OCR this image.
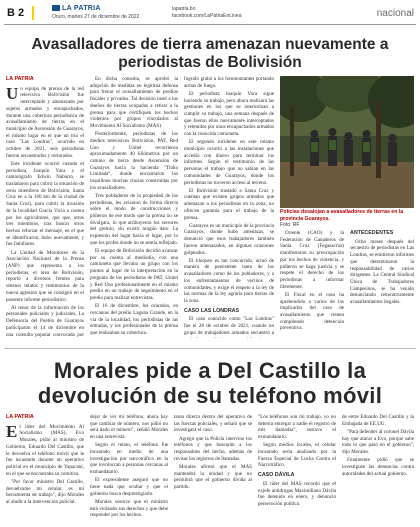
B 2	LA PATRIA
Oruro, martes 27 de diciembre de 2022
lapatria.bo
facebook.com/LaPatriaEnLinea	nacional
Avasalladores de tierra amenazan nuevamente a periodistas de Bolivisión
LA PATRIA

Un equipo de prensa de la red televisiva Bolivisión fue interceptado y amenazado por sujetos armados y encapuchados, durante una cobertura periodística de avasallamiento de tierras en el municipio de Ascensión de Guarayos, el mismo lugar en el que un trío el caso "Las Londras", ocurrido en octubre de 2021, seis periodistas fueron secuestrados y torturados.

Este incidente ocurrió cuando el periodista, Joaquín Vaca y el camarógrafo Edwin Nabarro, se trasladaron para cubrir la situación de otros miembros de Bolivisión, Santa Cruz en a la 100 km de la ciudad de Santa Cruz), para cubrir la invasión de la localidad Gracia Vicia a cuenta por los agricultores, que que, otros tres miembros, tras buscar otros hechos reforzar el mensaje, en el que se identificaron, hubo nuevamente, y fue familiares.

La Unidad de Monitoreo de la Asociación Nacional de la Prensa (ANP) que representa a los periodistas, el área de Bolivisión, reportó a diversos frentes para obtener relatos y testimonios de la nueva agresión que se consignó en el presente informe periodístico.

Al tenor de la información de los personales policiales y judiciales, La Defensoría del Pueblo de Guarayos participaron el 14 de diciembre en una consulta popular convocada por

En dicha consulta, se aprobó la adopción de medidas en legítima defensa para frenar el avasallamiento de predios fiscales y privados. Tal decisión instó a los dueños de tierras ocupadas a retirar a la prensa para que certifiquen los hechos violentos por grupos vinculados al Movimiento Al Socialismo (MAS).

Posteriormente, periodistas de los medios televisivos Bolivisión, PAT, Red Uno y Unitel recorrieron aproximadamente 40 kilómetros por un camino de tierra desde Ascensión de Guarayos hacia la hacienda "Tinku Limitada", donde encontraron los inquilinos muchas chozas construidas por los avasalladores.

Tres pobladores de la propiedad de los periodistas, les avisaron de forma directa sobre el modo de construcciones y pidieron de ese modo que la prensa no se divulgara, lo que atribuyeron los sectores del gremio, sin existir ningún dato. La expresión del lugar hacia el lugar, por lo que los profes donde no se sentía reflejado.

El equipo de Bolivisión decidió avanzar por su cuenta al mediodía, con una camioneta que llevaba un grupo con los puntos al lugar de la interpretación en la pregunta de los periodistas de PAT, Unitel y Red Uno profesionalmente en el mismo predio en un trabajo de seguimiento en el predio para realizar entrevistas.

El 16 de diciembre, los oriundos, en cercanías del predio Laguna Grande, en la vía de la localidad, los periodistas de las entradas, y los profesionales de la prensa que realizaban su cobertura.

fografo grabó a los fotomontantes portando armas de fuego.

El periodista Joaquín Vaca sigue haciendo su trabajo, pero ahora realizará las gestiones en los que se interiorizan a cumplir su trabajo, una semana después de que fueron ellos nuevamente interceptados y retenidos por unos encapuchados armados con la conocida camioneta.

El segundo incidente en este mismo municipio ocurrió a las instalaciones que accedió con dinero para terminar los informes. Según el testimonio de las personas el trabajo que no sabían en las comunidades de Guarayos, donde los periodistas no tuvieron acceso al terreno.

El Bolivisión trasladó a Santa Cruz y cuentan que existen grupos armados que amenazan a los periodistas en la zona, no ofrecen garantía para el trabajo de la prensa.

Guarayos es un municipio de la provincia Guarayos, donde hubo amenazas, se denunció que esos trabajadores también fueron amenazados, en algunas ocasiones golpeados.

El bloqueo es tan concurrido, actuó de manera de persistente tanto de los avasalladores como de los pobladores, y a los enfrentamientos de vecinos de comunidades, y exige el respeto a la ley de las normas de la ley agraria para tierras de la zona.

CASO LAS LONDRAS

El caso conocido como "Las Londras" fue el 28 de octubre de 2021, cuando un grupo de trabajadores armados secuestró a

Policías desalojan a avasalladores de tierras en la provincia Guarayos.
Foto: RF

Oriente (CAO) y la Federación de Ganaderos de Santa Cruz (Fegasacruz) manifestaron su preocupación por los hechos de violencia, y pidieron se haga justicia y se respete el derecho de los periodistas a informar libremente.

El Fiscal en el caso ha aprehendido a varios de los implicados del caso de avasallamiento que vienen cumpliendo detención preventiva.

ANTECEDENTES

Ocho meses después del secuestro de periodistas en Las Londras, se emitieron informes que determinaron la responsabilidad de varios dirigentes. La Central Sindical Única de Trabajadores Campesinos, se ha venido denunciando reiterativamente avasallamientos ilegales.

Morales pide a Del Castillo la devolución de su teléfono móvil
LA PATRIA

El líder del Movimiento Al Socialismo (MAS), Evo Morales, pidió al ministro de Gobierno, Eduardo Del Castillo, que le devuelva el teléfono móvil que le fue incautado durante un operativo policial en el municipio de Yapacaní, en el que se encontraba su comitiva.

"Por favor ministro Del Castillo, devuélvame mi celular, es mi herramienta de trabajo", dijo Morales al aludir a la intervención policial.

dejar de ver mi teléfono, ahora hay que cambiar de número, nos pidió no será dado el número", señaló Morales en una entrevista.

Según el relato, el teléfono fue incautado en medio de una investigación por narcotráfico en la que involucran a personas cercanas al exmandatario.

El expresidente aseguró que no tiene nada que ocultar y que el gobierno busca desprestigiarlo.

Morales sostuvo que el ministro está violando sus derechos y que debe responder por los hechos.

tarea directa dentro del operativo de las fuerzas policiales, y señaló que se investigará el caso.

Agregó que la Policía intervino los teléfonos y que buscarán a los responsables del hecho, además de revisar los registros de llamadas.

Morales afirmó que el MAS mantendrá la unidad y que no permitirá que el gobierno divida al partido.

"Los teléfonos son mi trabajo, yo no debería entregar a nadie el registro de mis llamadas", sostuvo el exmandatario.

Según medios locales, el celular incautado sería analizado por la Fuerza Especial de Lucha Contra el Narcotráfico.

CASO DÁVILA

El líder del MAS recordó que el exjefe antidrogas Maximiliano Dávila fue detenido en enero, y denunció persecución política.

de entre Eduardo Del Castillo y la Embajada de EE.UU.

"Para defender al coronel Dávila hay que atacar a Evo, porque sabe todo lo que pasó en el gobierno", dijo Morales.

Finalmente pidió que se investiguen las denuncias contra autoridades del actual gobierno.
